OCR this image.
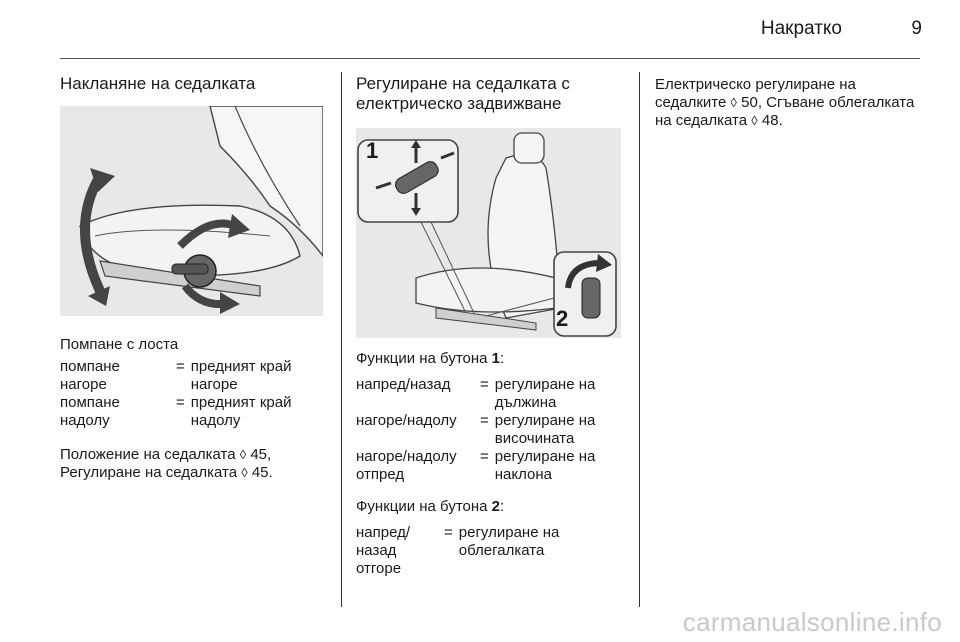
Накратко	9
Накланяне на седалката

Помпане с лоста

помпане нагоре	=	предният край нагоре
помпане надолу	=	предният край надолу

Положение на седалката ◊ 45,
Регулиране на седалката ◊ 45.

Регулиране на седалката с електрическо задвижване
1
2

Функции на бутона 1:

напред/назад	=	регулиране на дължина
нагоре/надолу	=	регулиране на височината
нагоре/надолу отпред	=	регулиране на наклона

Функции на бутона 2:

напред/ назад отгоре	=	регулиране на облегалката

Електрическо регулиране на седалките ◊ 50, Сгъване облегалката на седалката ◊ 48.

carmanualsonline.info
